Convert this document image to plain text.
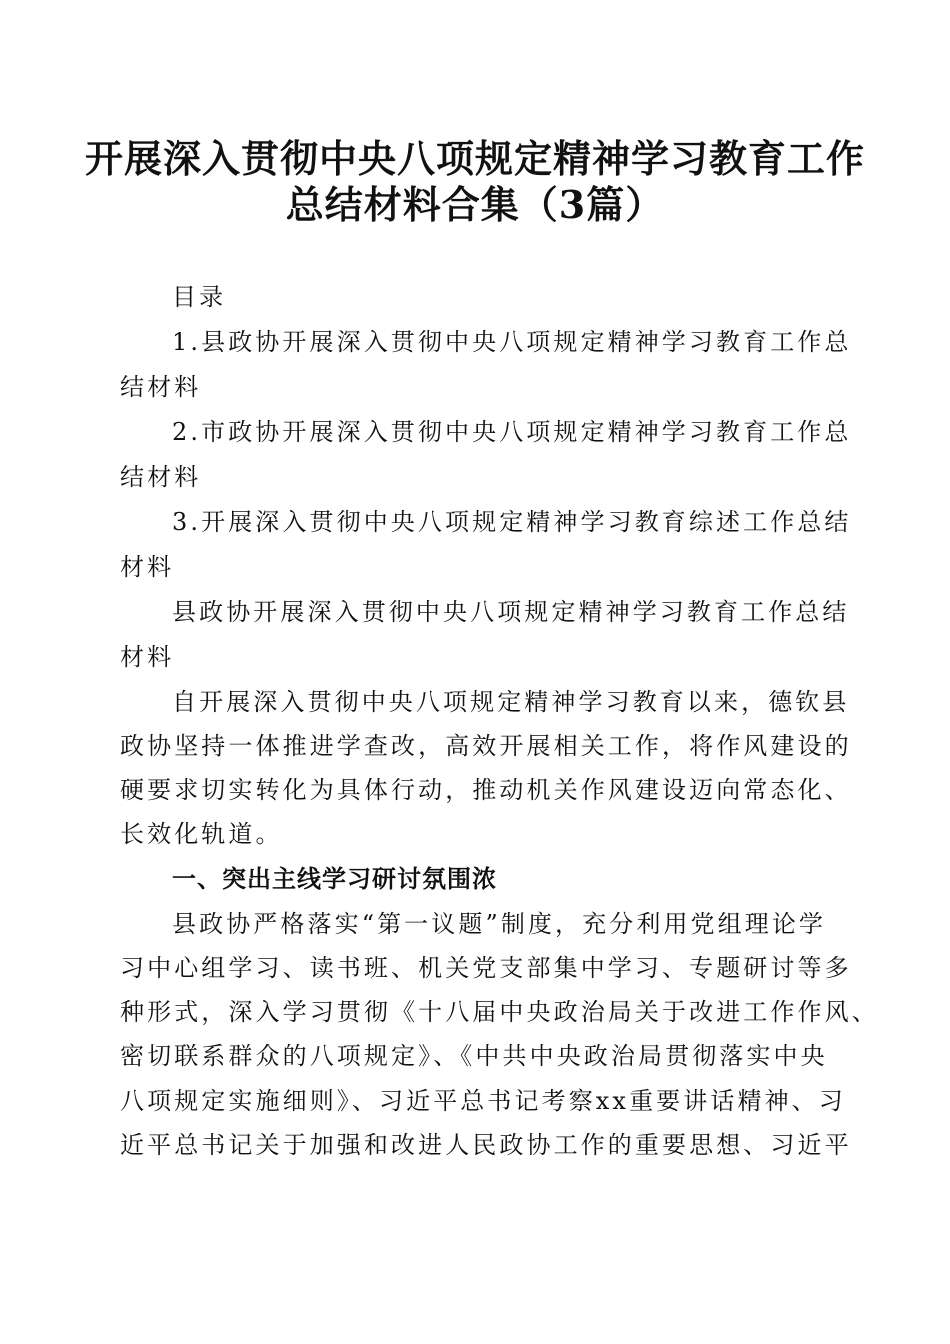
开展深入贯彻中央八项规定精神学习教育工作
总结材料合集（3篇）
目录
1.县政协开展深入贯彻中央八项规定精神学习教育工作总
结材料
2.市政协开展深入贯彻中央八项规定精神学习教育工作总
结材料
3.开展深入贯彻中央八项规定精神学习教育综述工作总结
材料
县政协开展深入贯彻中央八项规定精神学习教育工作总结
材料
自开展深入贯彻中央八项规定精神学习教育以来，德钦县
政协坚持一体推进学查改，高效开展相关工作，将作风建设的
硬要求切实转化为具体行动，推动机关作风建设迈向常态化、
长效化轨道。
一、突出主线学习研讨氛围浓
县政协严格落实“第一议题”制度，充分利用党组理论学
习中心组学习、读书班、机关党支部集中学习、专题研讨等多
种形式，深入学习贯彻《十八届中央政治局关于改进工作作风、
密切联系群众的八项规定》、《中共中央政治局贯彻落实中央
八项规定实施细则》、习近平总书记考察xx重要讲话精神、习
近平总书记关于加强和改进人民政协工作的重要思想、习近平
